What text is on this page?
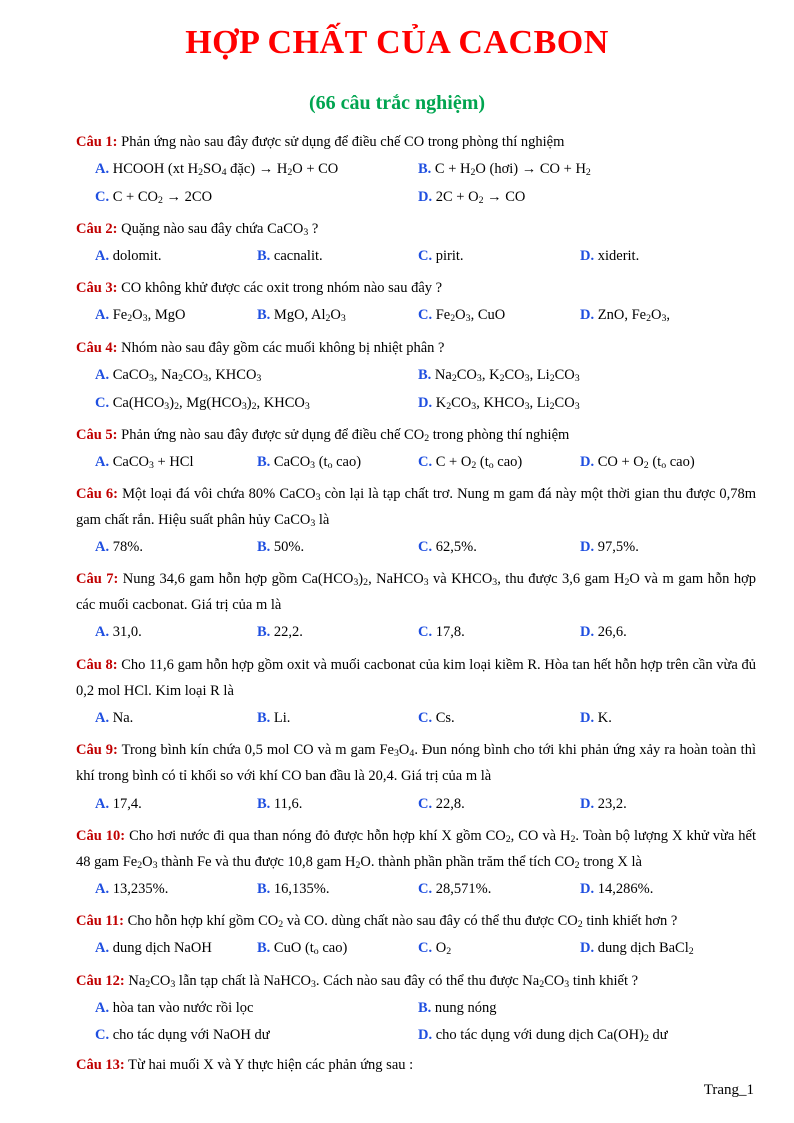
HỢP CHẤT CỦA CACBON
(66 câu trắc nghiệm)
Câu 1: Phản ứng nào sau đây được sử dụng để điều chế CO trong phòng thí nghiệm
A. HCOOH (xt $H_2SO_4$ đặc) → $H_2O$ + CO	B. $C + H_2O$ (hơi) → CO + $H_2$
C. $C + CO_2 \to 2CO$	D. $2C + O_2$ → CO
Câu 2: Quặng nào sau đây chứa CaCO$_3$ ?
A. dolomit.	B. cacnalit.	C. pirit.	D. xiderit.
Câu 3: CO không khử được các oxit trong nhóm nào sau đây ?
A. $Fe_2O_3$, MgO	B. MgO, $Al_2O_3$	C. $Fe_2O_3$, CuO	D. ZnO, $Fe_2O_3$,
Câu 4: Nhóm nào sau đây gồm các muối không bị nhiệt phân ?
A. CaCO$_3$, $Na_2CO_3$, $KHCO_3$	B. $Na_2CO_3$, $K_2CO_3$, $Li_2CO_3$
C. $Ca(HCO_3)_2$, $Mg(HCO_3)_2$, $KHCO_3$	D. $K_2CO_3$, $KHCO_3$, $Li_2CO_3$
Câu 5: Phản ứng nào sau đây được sử dụng để điều chế $CO_2$ trong phòng thí nghiệm
A. CaCO$_3$ + HCl	B. CaCO$_3$ ($t_o$ cao)	C. $C + O_2$ ($t_o$ cao)	D. CO + $O_2$ ($t_o$ cao)
Câu 6: Một loại đá vôi chứa 80% CaCO$_3$ còn lại là tạp chất trơ. Nung m gam đá này một thời gian thu được 0,78m gam chất rắn. Hiệu suất phân hủy CaCO$_3$ là
A. 78%.	B. 50%.	C. 62,5%.	D. 97,5%.
Câu 7: Nung 34,6 gam hỗn hợp gồm $Ca(HCO_3)_2$, NaHCO$_3$ và $KHCO_3$, thu được 3,6 gam $H_2O$ và m gam hỗn hợp các muối cacbonat. Giá trị của m là
A. 31,0.	B. 22,2.	C. 17,8.	D. 26,6.
Câu 8: Cho 11,6 gam hỗn hợp gồm oxit và muối cacbonat của kim loại kiềm R. Hòa tan hết hỗn hợp trên cần vừa đủ 0,2 mol HCl. Kim loại R là
A. Na.	B. Li.	C. Cs.	D. K.
Câu 9: Trong bình kín chứa 0,5 mol CO và m gam $Fe_3O_4$. Đun nóng bình cho tới khi phản ứng xảy ra hoàn toàn thì khí trong bình có tỉ khối so với khí CO ban đầu là 20,4. Giá trị của m là
A. 17,4.	B. 11,6.	C. 22,8.	D. 23,2.
Câu 10: Cho hơi nước đi qua than nóng đỏ được hỗn hợp khí X gồm $CO_2$, CO và $H_2$. Toàn bộ lượng X khử vừa hết 48 gam $Fe_2O_3$ thành Fe và thu được 10,8 gam $H_2O$. thành phần phần trăm thể tích $CO_2$ trong X là
A. 13,235%.	B. 16,135%.	C. 28,571%.	D. 14,286%.
Câu 11: Cho hỗn hợp khí gồm $CO_2$ và CO. dùng chất nào sau đây có thể thu được $CO_2$ tinh khiết hơn ?
A. dung dịch NaOH	B. CuO ($t_o$ cao)	C. $O_2$	D. dung dịch BaCl$_2$
Câu 12: $Na_2CO_3$ lẫn tạp chất là NaHCO$_3$. Cách nào sau đây có thể thu được $Na_2CO_3$ tinh khiết ?
A. hòa tan vào nước rồi lọc	B. nung nóng
C. cho tác dụng với NaOH dư	D. cho tác dụng với dung dịch $Ca(OH)_2$ dư
Câu 13: Từ hai muối X và Y thực hiện các phản ứng sau :
Trang_1
